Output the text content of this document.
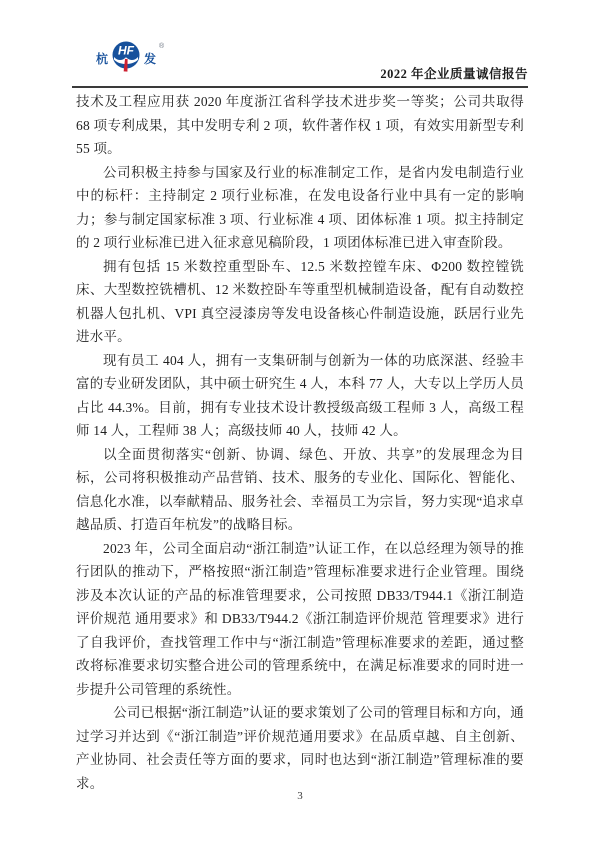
杭
HF
发
®
2022 年企业质量诚信报告

技术及工程应用获 2020 年度浙江省科学技术进步奖一等奖；公司共取得 68 项专利成果，其中发明专利 2 项，软件著作权 1 项，有效实用新型专利 55 项。

公司积极主持参与国家及行业的标准制定工作，是省内发电制造行业中的标杆：主持制定 2 项行业标准，在发电设备行业中具有一定的影响力；参与制定国家标准 3 项、行业标准 4 项、团体标准 1 项。拟主持制定的 2 项行业标准已进入征求意见稿阶段，1 项团体标准已进入审查阶段。

拥有包括 15 米数控重型卧车、12.5 米数控镗车床、Φ200 数控镗铣床、大型数控铣槽机、12 米数控卧车等重型机械制造设备，配有自动数控机器人包扎机、VPI 真空浸漆房等发电设备核心件制造设施，跃居行业先进水平。

现有员工 404 人，拥有一支集研制与创新为一体的功底深湛、经验丰富的专业研发团队，其中硕士研究生 4 人，本科 77 人，大专以上学历人员占比 44.3%。目前，拥有专业技术设计教授级高级工程师 3 人，高级工程师 14 人，工程师 38 人；高级技师 40 人，技师 42 人。

以全面贯彻落实“创新、协调、绿色、开放、共享”的发展理念为目标，公司将积极推动产品营销、技术、服务的专业化、国际化、智能化、信息化水准，以奉献精品、服务社会、幸福员工为宗旨，努力实现“追求卓越品质、打造百年杭发”的战略目标。

2023 年，公司全面启动“浙江制造”认证工作，在以总经理为领导的推行团队的推动下，严格按照“浙江制造”管理标准要求进行企业管理。围绕涉及本次认证的产品的标准管理要求，公司按照 DB33/T944.1《浙江制造评价规范 通用要求》和 DB33/T944.2《浙江制造评价规范 管理要求》进行了自我评价，查找管理工作中与“浙江制造”管理标准要求的差距，通过整改将标准要求切实整合进公司的管理系统中，在满足标准要求的同时进一步提升公司管理的系统性。

公司已根据“浙江制造”认证的要求策划了公司的管理目标和方向，通过学习并达到《“浙江制造”评价规范通用要求》在品质卓越、自主创新、产业协同、社会责任等方面的要求，同时也达到“浙江制造”管理标准的要求。

3
